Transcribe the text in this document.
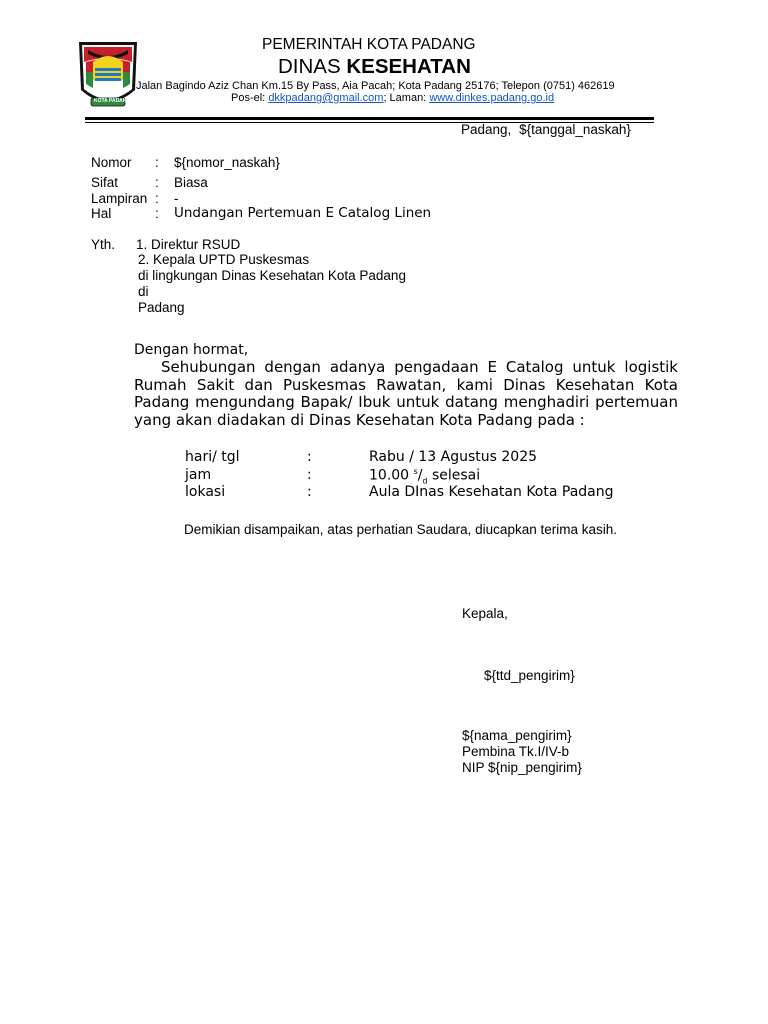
KOTA PADANG
PEMERINTAH KOTA PADANG
DINAS KESEHATAN
Jalan Bagindo Aziz Chan Km.15 By Pass, Aia Pacah; Kota Padang 25176; Telepon (0751) 462619
Pos-el: dkkpadang@gmail.com; Laman: www.dinkes.padang.go.id
Padang, ${tanggal_naskah}
Nomor : ${nomor_naskah}
Sifat	: Biasa
Lampiran : -
Hal	: Undangan Pertemuan E Catalog Linen
Yth. 1. Direktur RSUD
2. Kepala UPTD Puskesmas
di lingkungan Dinas Kesehatan Kota Padang
di
Padang
Dengan hormat,
Sehubungan dengan adanya pengadaan E Catalog untuk logistik Rumah Sakit dan Puskesmas Rawatan, kami Dinas Kesehatan Kota Padang mengundang Bapak/ Ibuk untuk datang menghadiri pertemuan yang akan diadakan di Dinas Kesehatan Kota Padang pada :
hari/ tgl	:	Rabu / 13 Agustus 2025
jam	:	10.00 $^s/_d$ selesai
lokasi	:	Aula DInas Kesehatan Kota Padang
Demikian disampaikan, atas perhatian Saudara, diucapkan terima kasih.
Kepala,
${ttd_pengirim}
${nama_pengirim}
Pembina Tk.I/IV-b
NIP ${nip_pengirim}
